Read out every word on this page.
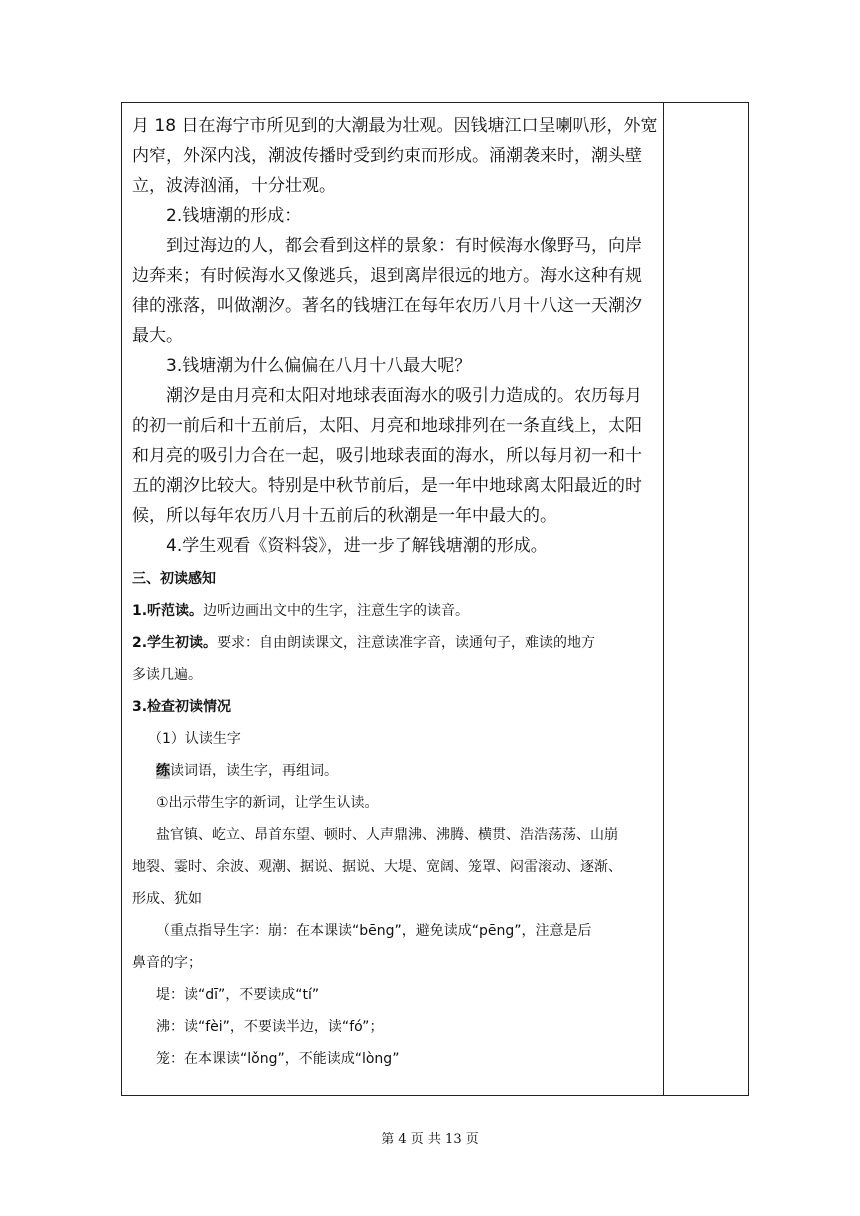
月 18 日在海宁市所见到的大潮最为壮观。因钱塘江口呈喇叭形，外宽

内窄，外深内浅，潮波传播时受到约束而形成。涌潮袭来时，潮头壁

立，波涛汹涌，十分壮观。

2.钱塘潮的形成：

到过海边的人，都会看到这样的景象：有时候海水像野马，向岸

边奔来；有时候海水又像逃兵，退到离岸很远的地方。海水这种有规

律的涨落，叫做潮汐。著名的钱塘江在每年农历八月十八这一天潮汐

最大。

3.钱塘潮为什么偏偏在八月十八最大呢？

潮汐是由月亮和太阳对地球表面海水的吸引力造成的。农历每月

的初一前后和十五前后，太阳、月亮和地球排列在一条直线上，太阳

和月亮的吸引力合在一起，吸引地球表面的海水，所以每月初一和十

五的潮汐比较大。特别是中秋节前后，是一年中地球离太阳最近的时

候，所以每年农历八月十五前后的秋潮是一年中最大的。

4.学生观看《资料袋》，进一步了解钱塘潮的形成。

三、初读感知

1.听范读。边听边画出文中的生字，注意生字的读音。

2.学生初读。要求：自由朗读课文，注意读准字音，读通句子，难读的地方

多读几遍。

3.检查初读情况

（1）认读生字

练读词语，读生字，再组词。

①出示带生字的新词，让学生认读。

盐官镇、屹立、昂首东望、顿时、人声鼎沸、沸腾、横贯、浩浩荡荡、山崩

地裂、霎时、余波、观潮、据说、据说、大堤、宽阔、笼罩、闷雷滚动、逐渐、

形成、犹如

（重点指导生字：崩：在本课读“bēng”，避免读成“pēng”，注意是后

鼻音的字；

堤：读“dī”，不要读成“tí”

沸：读“fèi”，不要读半边，读“fó”；

笼：在本课读“lǒng”，不能读成“lòng”

第 4 页 共 13 页
